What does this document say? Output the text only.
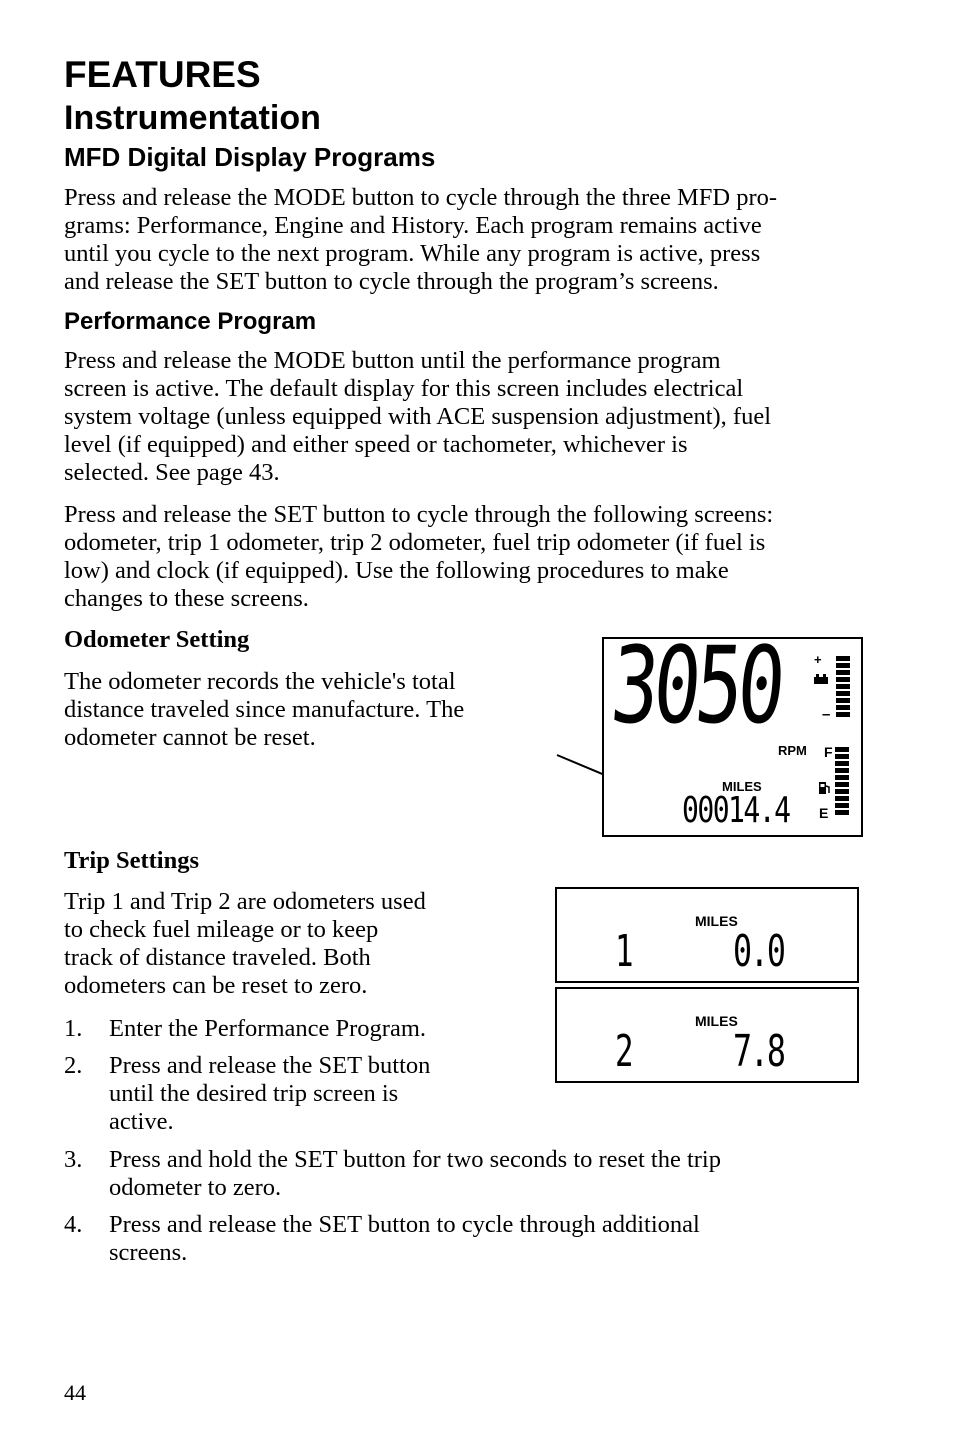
FEATURES
Instrumentation
MFD Digital Display Programs
Press and release the MODE button to cycle through the three MFD pro-
grams: Performance, Engine and History. Each program remains active
until you cycle to the next program. While any program is active, press
and release the SET button to cycle through the program’s screens.
Performance Program
Press and release the MODE button until the performance program
screen is active. The default display for this screen includes electrical
system voltage (unless equipped with ACE suspension adjustment), fuel
level (if equipped) and either speed or tachometer, whichever is
selected. See page 43.
Press and release the SET button to cycle through the following screens:
odometer, trip 1 odometer, trip 2 odometer, fuel trip odometer (if fuel is
low) and clock (if equipped). Use the following procedures to make
changes to these screens.
Odometer Setting
The odometer records the vehicle's total
distance traveled since manufacture. The
odometer cannot be reset.	3050 +
–
RPM F
E
MILES
00014.4
Trip Settings
Trip 1 and Trip 2 are odometers used
to check fuel mileage or to keep
track of distance traveled. Both
odometers can be reset to zero.
MILES
1 0.0
MILES
2 7.8
1.	Enter the Performance Program.
2.	Press and release the SET button
until the desired trip screen is
active.
3.	Press and hold the SET button for two seconds to reset the trip
odometer to zero.
4.	Press and release the SET button to cycle through additional
screens.
44
